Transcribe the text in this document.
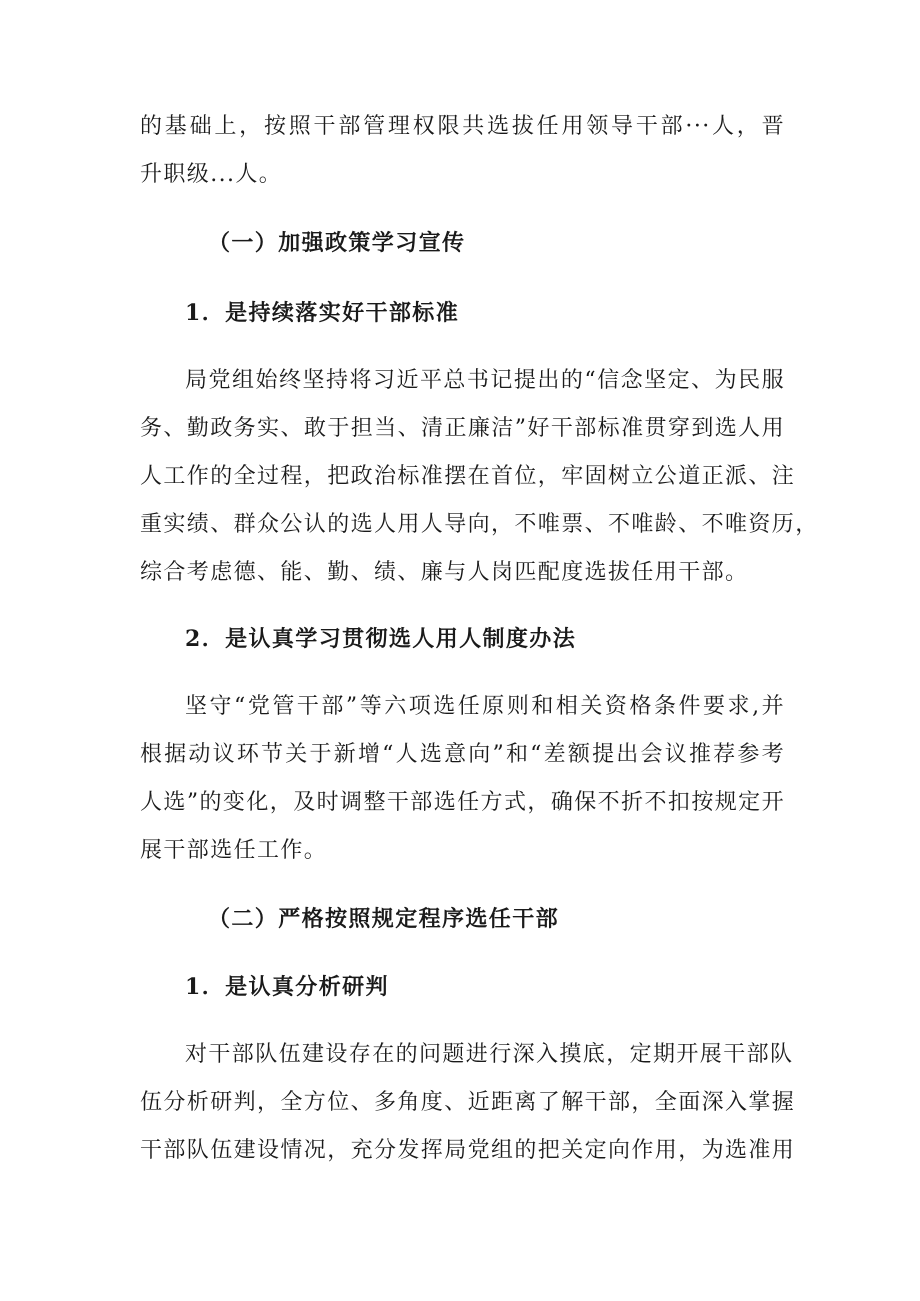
的基础上，按照干部管理权限共选拔任用领导干部···人，晋
升职级...人。
（一）加强政策学习宣传
1．是持续落实好干部标准
局党组始终坚持将习近平总书记提出的“信念坚定、为民服
务、勤政务实、敢于担当、清正廉洁”好干部标准贯穿到选人用
人工作的全过程，把政治标准摆在首位，牢固树立公道正派、注
重实绩、群众公认的选人用人导向，不唯票、不唯龄、不唯资历，
综合考虑德、能、勤、绩、廉与人岗匹配度选拔任用干部。
2．是认真学习贯彻选人用人制度办法
坚守“党管干部”等六项选任原则和相关资格条件要求,并
根据动议环节关于新增“人选意向”和“差额提出会议推荐参考
人选”的变化，及时调整干部选任方式，确保不折不扣按规定开
展干部选任工作。
（二）严格按照规定程序选任干部
1．是认真分析研判
对干部队伍建设存在的问题进行深入摸底，定期开展干部队
伍分析研判，全方位、多角度、近距离了解干部，全面深入掌握
干部队伍建设情况，充分发挥局党组的把关定向作用，为选准用
